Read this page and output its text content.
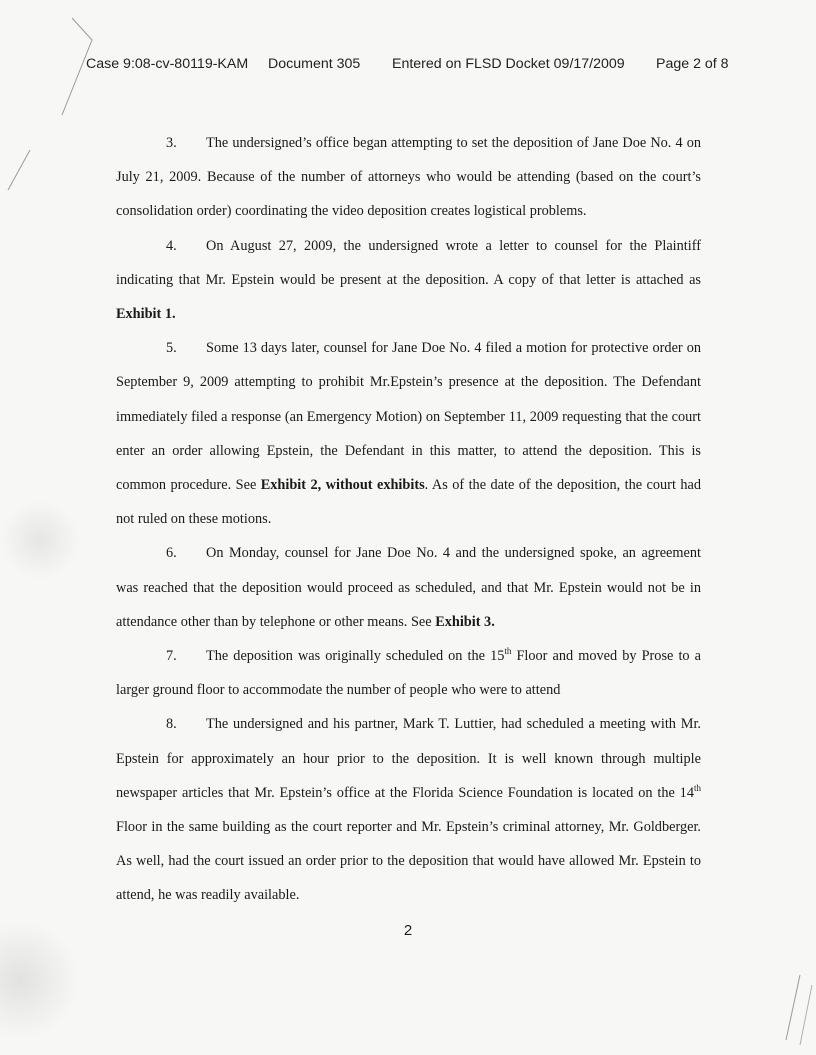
Case 9:08-cv-80119-KAM Document 305 Entered on FLSD Docket 09/17/2009 Page 2 of 8

3. The undersigned’s office began attempting to set the deposition of Jane Doe No. 4 on July 21, 2009. Because of the number of attorneys who would be attending (based on the court’s consolidation order) coordinating the video deposition creates logistical problems.

4. On August 27, 2009, the undersigned wrote a letter to counsel for the Plaintiff indicating that Mr. Epstein would be present at the deposition. A copy of that letter is attached as Exhibit 1.

5. Some 13 days later, counsel for Jane Doe No. 4 filed a motion for protective order on September 9, 2009 attempting to prohibit Mr.Epstein’s presence at the deposition. The Defendant immediately filed a response (an Emergency Motion) on September 11, 2009 requesting that the court enter an order allowing Epstein, the Defendant in this matter, to attend the deposition. This is common procedure. See Exhibit 2, without exhibits. As of the date of the deposition, the court had not ruled on these motions.

6. On Monday, counsel for Jane Doe No. 4 and the undersigned spoke, an agreement was reached that the deposition would proceed as scheduled, and that Mr. Epstein would not be in attendance other than by telephone or other means. See Exhibit 3.

7. The deposition was originally scheduled on the 15th Floor and moved by Prose to a larger ground floor to accommodate the number of people who were to attend

8. The undersigned and his partner, Mark T. Luttier, had scheduled a meeting with Mr. Epstein for approximately an hour prior to the deposition. It is well known through multiple newspaper articles that Mr. Epstein’s office at the Florida Science Foundation is located on the 14th Floor in the same building as the court reporter and Mr. Epstein’s criminal attorney, Mr. Goldberger. As well, had the court issued an order prior to the deposition that would have allowed Mr. Epstein to attend, he was readily available.

2
